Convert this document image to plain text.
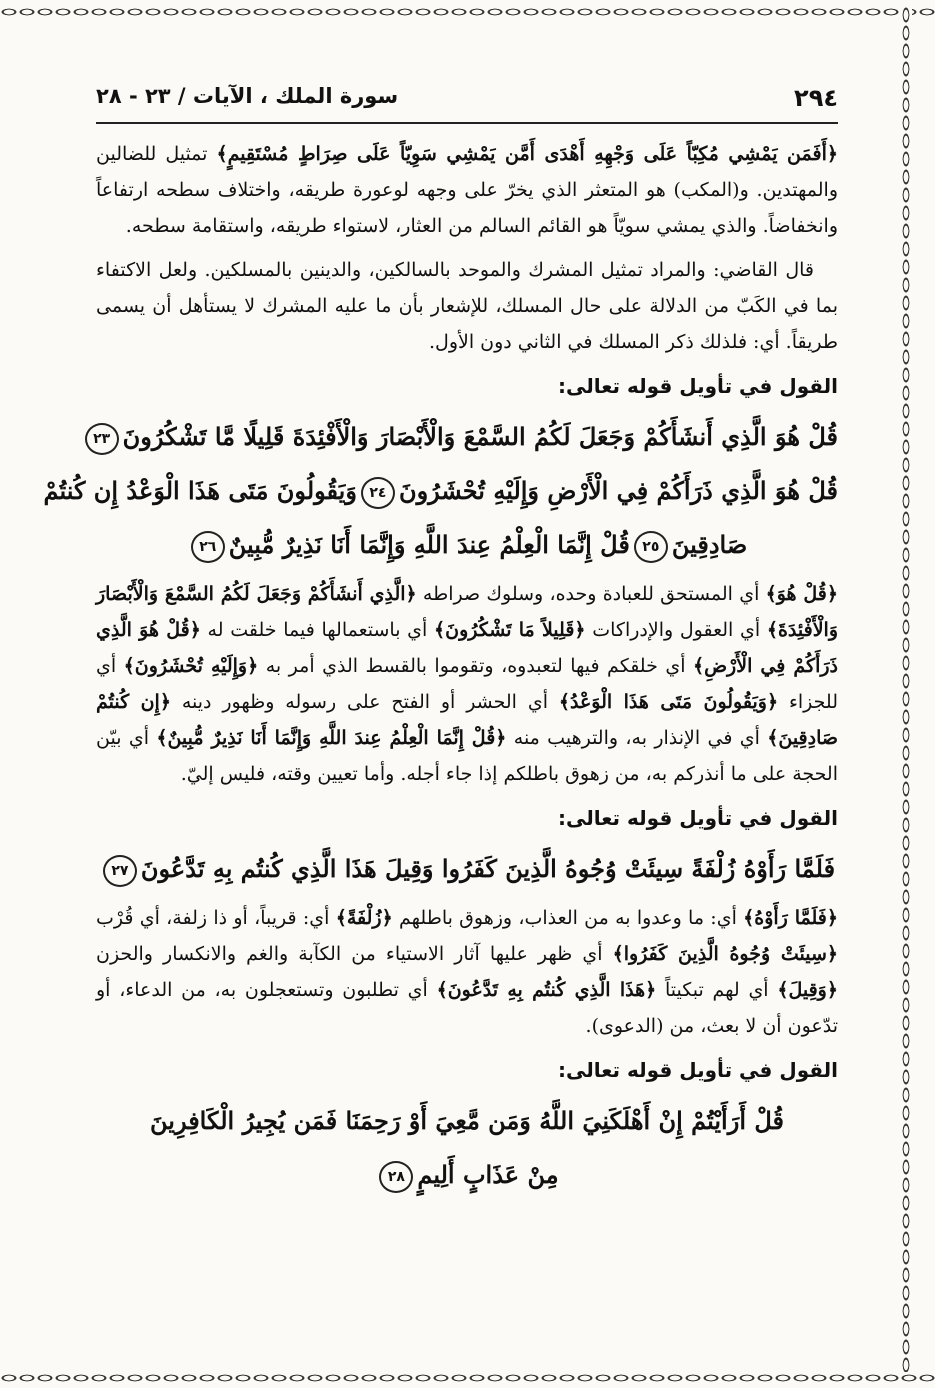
٢٩٤
سورة الملك ، الآيات / ٢٣ - ٢٨

﴿أَفَمَن يَمْشِي مُكِبّاً عَلَى وَجْهِهِ أَهْدَى أَمَّن يَمْشِي سَوِيّاً عَلَى صِرَاطٍ مُسْتَقِيمٍ﴾ تمثيل للضالين والمهتدين. و(المكب) هو المتعثر الذي يخرّ على وجهه لوعورة طريقه، واختلاف سطحه ارتفاعاً وانخفاضاً. والذي يمشي سويّاً هو القائم السالم من العثار، لاستواء طريقه، واستقامة سطحه.

قال القاضي: والمراد تمثيل المشرك والموحد بالسالكين، والدينين بالمسلكين. ولعل الاكتفاء بما في الكَبّ من الدلالة على حال المسلك، للإشعار بأن ما عليه المشرك لا يستأهل أن يسمى طريقاً. أي: فلذلك ذكر المسلك في الثاني دون الأول.

القول في تأويل قوله تعالى:
قُلْ هُوَ الَّذِي أَنشَأَكُمْ وَجَعَلَ لَكُمُ السَّمْعَ وَالْأَبْصَارَ وَالْأَفْئِدَةَ قَلِيلًا مَّا تَشْكُرُونَ٢٣
قُلْ هُوَ الَّذِي ذَرَأَكُمْ فِي الْأَرْضِ وَإِلَيْهِ تُحْشَرُونَ٢٤وَيَقُولُونَ مَتَى هَذَا الْوَعْدُ إِن كُنتُمْ
صَادِقِينَ٢٥قُلْ إِنَّمَا الْعِلْمُ عِندَ اللَّهِ وَإِنَّمَا أَنَا نَذِيرٌ مُّبِينٌ٢٦

﴿قُلْ هُوَ﴾ أي المستحق للعبادة وحده، وسلوك صراطه ﴿الَّذِي أَنشَأَكُمْ وَجَعَلَ لَكُمُ السَّمْعَ وَالْأَبْصَارَ وَالْأَفْئِدَةَ﴾ أي العقول والإدراكات ﴿قَلِيلاً مَا تَشْكُرُونَ﴾ أي باستعمالها فيما خلقت له ﴿قُلْ هُوَ الَّذِي ذَرَأَكُمْ فِي الْأَرْضِ﴾ أي خلقكم فيها لتعبدوه، وتقوموا بالقسط الذي أمر به ﴿وَإِلَيْهِ تُحْشَرُونَ﴾ أي للجزاء ﴿وَيَقُولُونَ مَتَى هَذَا الْوَعْدُ﴾ أي الحشر أو الفتح على رسوله وظهور دينه ﴿إِن كُنتُمْ صَادِقِينَ﴾ أي في الإنذار به، والترهيب منه ﴿قُلْ إِنَّمَا الْعِلْمُ عِندَ اللَّهِ وَإِنَّمَا أَنَا نَذِيرٌ مُّبِينٌ﴾ أي بيّن الحجة على ما أنذركم به، من زهوق باطلكم إذا جاء أجله. وأما تعيين وقته، فليس إليّ.

القول في تأويل قوله تعالى:
فَلَمَّا رَأَوْهُ زُلْفَةً سِيئَتْ وُجُوهُ الَّذِينَ كَفَرُوا وَقِيلَ هَذَا الَّذِي كُنتُم بِهِ تَدَّعُونَ٢٧

﴿فَلَمَّا رَأَوْهُ﴾ أي: ما وعدوا به من العذاب، وزهوق باطلهم ﴿زُلْفَةً﴾ أي: قريباً، أو ذا زلفة، أي قُرْب ﴿سِيئَتْ وُجُوهُ الَّذِينَ كَفَرُوا﴾ أي ظهر عليها آثار الاستياء من الكآبة والغم والانكسار والحزن ﴿وَقِيلَ﴾ أي لهم تبكيتاً ﴿هَذَا الَّذِي كُنتُم بِهِ تَدَّعُونَ﴾ أي تطلبون وتستعجلون به، من الدعاء، أو تدّعون أن لا بعث، من (الدعوى).

القول في تأويل قوله تعالى:
قُلْ أَرَأَيْتُمْ إِنْ أَهْلَكَنِيَ اللَّهُ وَمَن مَّعِيَ أَوْ رَحِمَنَا فَمَن يُجِيرُ الْكَافِرِينَ
مِنْ عَذَابٍ أَلِيمٍ٢٨
